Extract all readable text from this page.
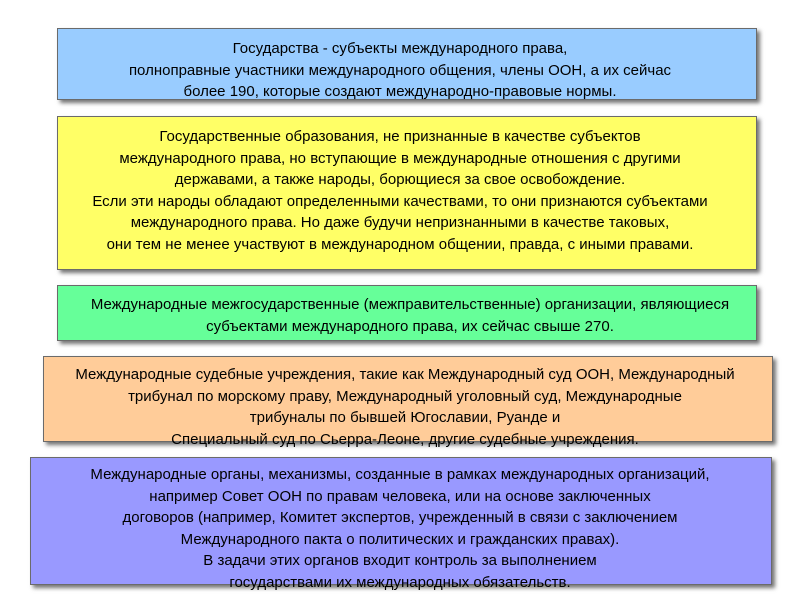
Государства - субъекты международного права,
полноправные участники международного общения, члены ООН, а их сейчас
более 190, которые создают международно-правовые нормы.
Государственные образования, не признанные в качестве субъектов
международного права, но вступающие в международные отношения с другими
державами, а также народы, борющиеся за свое освобождение.
Если эти народы обладают определенными качествами, то они признаются субъектами
международного права. Но даже будучи непризнанными в качестве таковых,
они тем не менее участвуют в международном общении, правда, с иными правами.
Международные межгосударственные (межправительственные) организации, являющиеся
субъектами международного права, их сейчас свыше 270.
Международные судебные учреждения, такие как Международный суд ООН, Международный
трибунал по морскому праву, Международный уголовный суд, Международные
трибуналы по бывшей Югославии, Руанде и
Специальный суд по Сьерра-Леоне, другие судебные учреждения.
Международные органы, механизмы, созданные в рамках международных организаций,
например Совет ООН по правам человека, или на основе заключенных
договоров (например, Комитет экспертов, учрежденный в связи с заключением
Международного пакта о политических и гражданских правах).
В задачи этих органов входит контроль за выполнением
государствами их международных обязательств.
